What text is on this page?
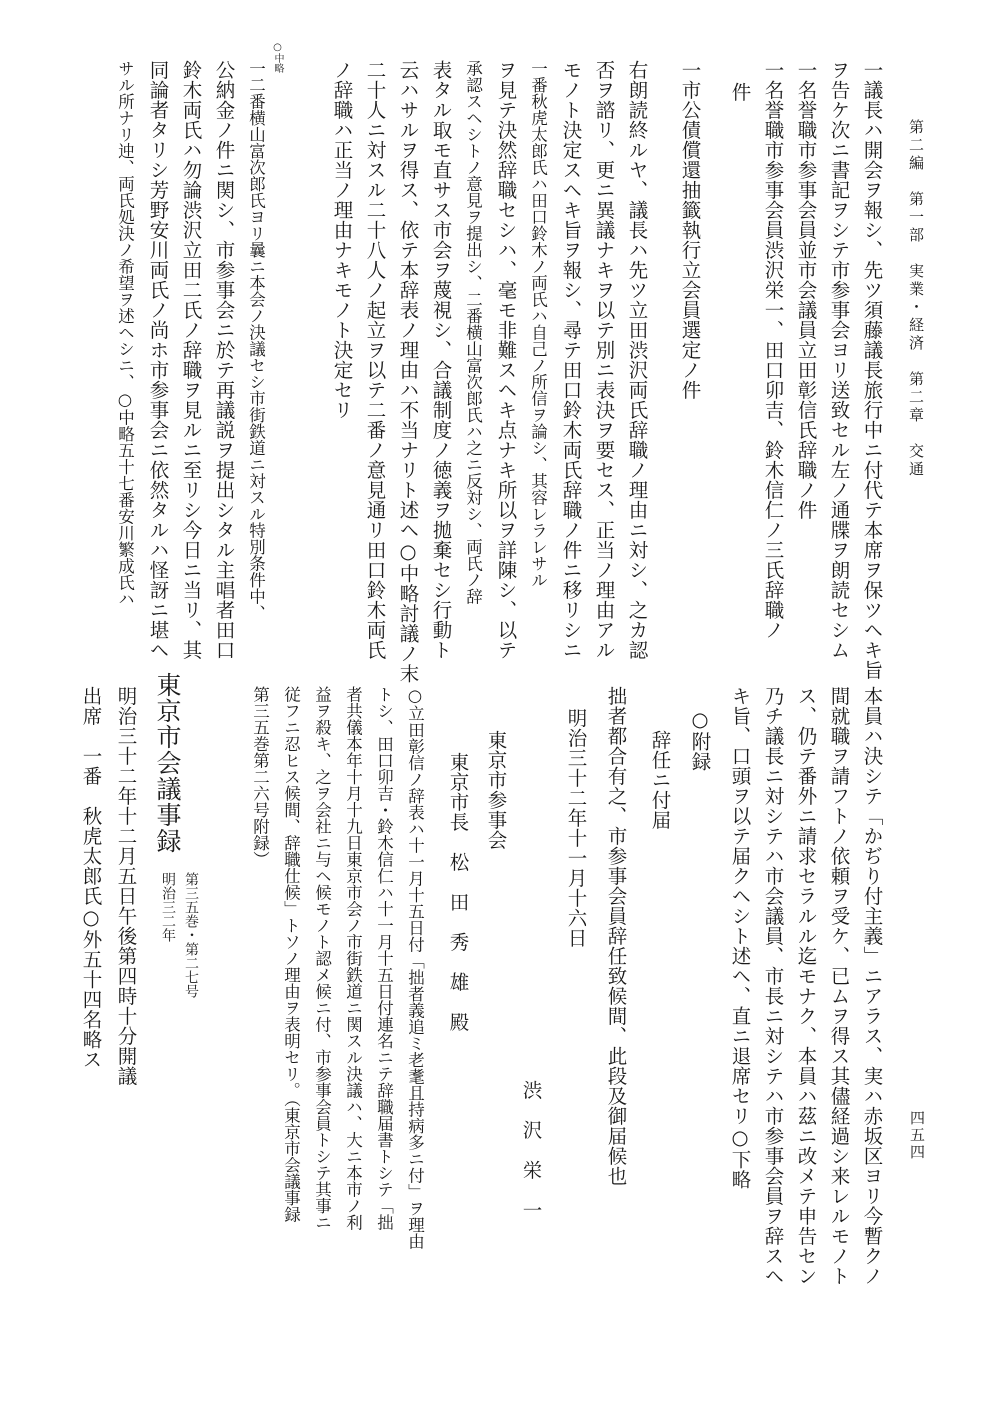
第二編　第一部　実業・経済　第二章　交通
四五四
一議長ハ開会ヲ報シ、先ツ須藤議長旅行中ニ付代テ本席ヲ保ツヘキ旨
ヲ告ケ次ニ書記ヲシテ市参事会ヨリ送致セル左ノ通牒ヲ朗読セシム
一名誉職市参事会員並市会議員立田彰信氏辞職ノ件
一名誉職市参事会員渋沢栄一、田口卯吉、鈴木信仁ノ三氏辞職ノ
件
一市公債償還抽籤執行立会員選定ノ件
右朗読終ルヤ、議長ハ先ツ立田渋沢両氏辞職ノ理由ニ対シ、之カ認
否ヲ諮リ、更ニ異議ナキヲ以テ別ニ表決ヲ要セス、正当ノ理由アル
モノト決定スヘキ旨ヲ報シ、尋テ田口鈴木両氏辞職ノ件ニ移リシニ
一番秋虎太郎氏ハ田口鈴木ノ両氏ハ自己ノ所信ヲ論シ、其容レラレサル
ヲ見テ決然辞職セシハ、毫モ非難スヘキ点ナキ所以ヲ詳陳シ、以テ
承認スヘシトノ意見ヲ提出シ、二番横山富次郎氏ハ之ニ反対シ、両氏ノ辞
表タル取モ直サス市会ヲ蔑視シ、合議制度ノ徳義ヲ拋棄セシ行動ト
云ハサルヲ得ス、依テ本辞表ノ理由ハ不当ナリト述ヘ○中略討議ノ末
二十人ニ対スル二十八人ノ起立ヲ以テ二番ノ意見通リ田口鈴木両氏
ノ辞職ハ正当ノ理由ナキモノト決定セリ
○中略
一二番横山富次郎氏ヨリ曩ニ本会ノ決議セシ市街鉄道ニ対スル特別条件中、
公納金ノ件ニ関シ、市参事会ニ於テ再議説ヲ提出シタル主唱者田口
鈴木両氏ハ勿論渋沢立田二氏ノ辞職ヲ見ルニ至リシ今日ニ当リ、其
同論者タリシ芳野安川両氏ノ尚ホ市参事会ニ依然タルハ怪訝ニ堪ヘ
サル所ナリ迚、両氏処決ノ希望ヲ述ヘシニ、○中略五十七番安川繁成氏ハ
本員ハ決シテ「かぢり付主義」ニアラス、実ハ赤坂区ヨリ今暫クノ
間就職ヲ請フトノ依頼ヲ受ケ、已ムヲ得ス其儘経過シ来レルモノト
ス、仍テ番外ニ請求セラルル迄モナク、本員ハ茲ニ改メテ申告セン
乃チ議長ニ対シテハ市会議員、市長ニ対シテハ市参事会員ヲ辞スヘ
キ旨、口頭ヲ以テ届クヘシト述ヘ、直ニ退席セリ○下略
○附録
辞任ニ付届
拙者都合有之、市参事会員辞任致候間、此段及御届候也
明治三十二年十一月十六日
渋　沢　栄　一
東京市参事会
東京市長　松　田　秀　雄　殿
○立田彰信ノ辞表ハ十一月十五日付「拙者義追ミ老耄且持病多ニ付」ヲ理由
トシ、田口卯吉・鈴木信仁ハ十一月十五日付連名ニテ辞職届書トシテ「拙
者共儀本年十月十九日東京市会ノ市街鉄道ニ関スル決議ハ、大ニ本市ノ利
益ヲ殺キ、之ヲ会社ニ与ヘ候モノト認メ候ニ付、市参事会員トシテ其事ニ
従フニ忍ヒス候間、辞職仕候」トソノ理由ヲ表明セリ。（東京市会議事録
第三五巻第二六号附録）
東京市会議事録
第三五巻・第二七号
明治三二年
明治三十二年十二月五日午後第四時十分開議
出席　一番　秋虎太郎氏○外五十四名略ス
